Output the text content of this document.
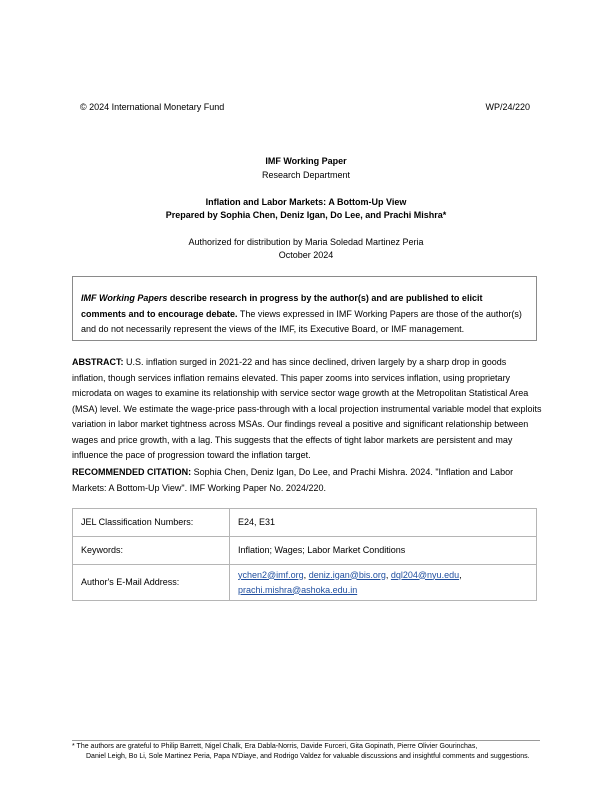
© 2024 International Monetary Fund	WP/24/220
IMF Working Paper
Research Department
Inflation and Labor Markets: A Bottom-Up View
Prepared by Sophia Chen, Deniz Igan, Do Lee, and Prachi Mishra*
Authorized for distribution by Maria Soledad Martinez Peria
October 2024

IMF Working Papers describe research in progress by the author(s) and are published to elicit comments and to encourage debate. The views expressed in IMF Working Papers are those of the author(s) and do not necessarily represent the views of the IMF, its Executive Board, or IMF management.

ABSTRACT: U.S. inflation surged in 2021-22 and has since declined, driven largely by a sharp drop in goods inflation, though services inflation remains elevated. This paper zooms into services inflation, using proprietary microdata on wages to examine its relationship with service sector wage growth at the Metropolitan Statistical Area (MSA) level. We estimate the wage-price pass-through with a local projection instrumental variable model that exploits variation in labor market tightness across MSAs. Our findings reveal a positive and significant relationship between wages and price growth, with a lag. This suggests that the effects of tight labor markets are persistent and may influence the pace of progression toward the inflation target.

RECOMMENDED CITATION: Sophia Chen, Deniz Igan, Do Lee, and Prachi Mishra. 2024. "Inflation and Labor Markets: A Bottom-Up View". IMF Working Paper No. 2024/220.

JEL Classification Numbers:	E24, E31
Keywords:	Inflation; Wages; Labor Market Conditions
Author's E-Mail Address:	ychen2@imf.org, deniz.igan@bis.org, dql204@nyu.edu,
prachi.mishra@ashoka.edu.in

* The authors are grateful to Philip Barrett, Nigel Chalk, Era Dabla-Norris, Davide Furceri, Gita Gopinath, Pierre Olivier Gourinchas,
Daniel Leigh, Bo Li, Sole Martinez Peria, Papa N'Diaye, and Rodrigo Valdez for valuable discussions and insightful comments and suggestions.
